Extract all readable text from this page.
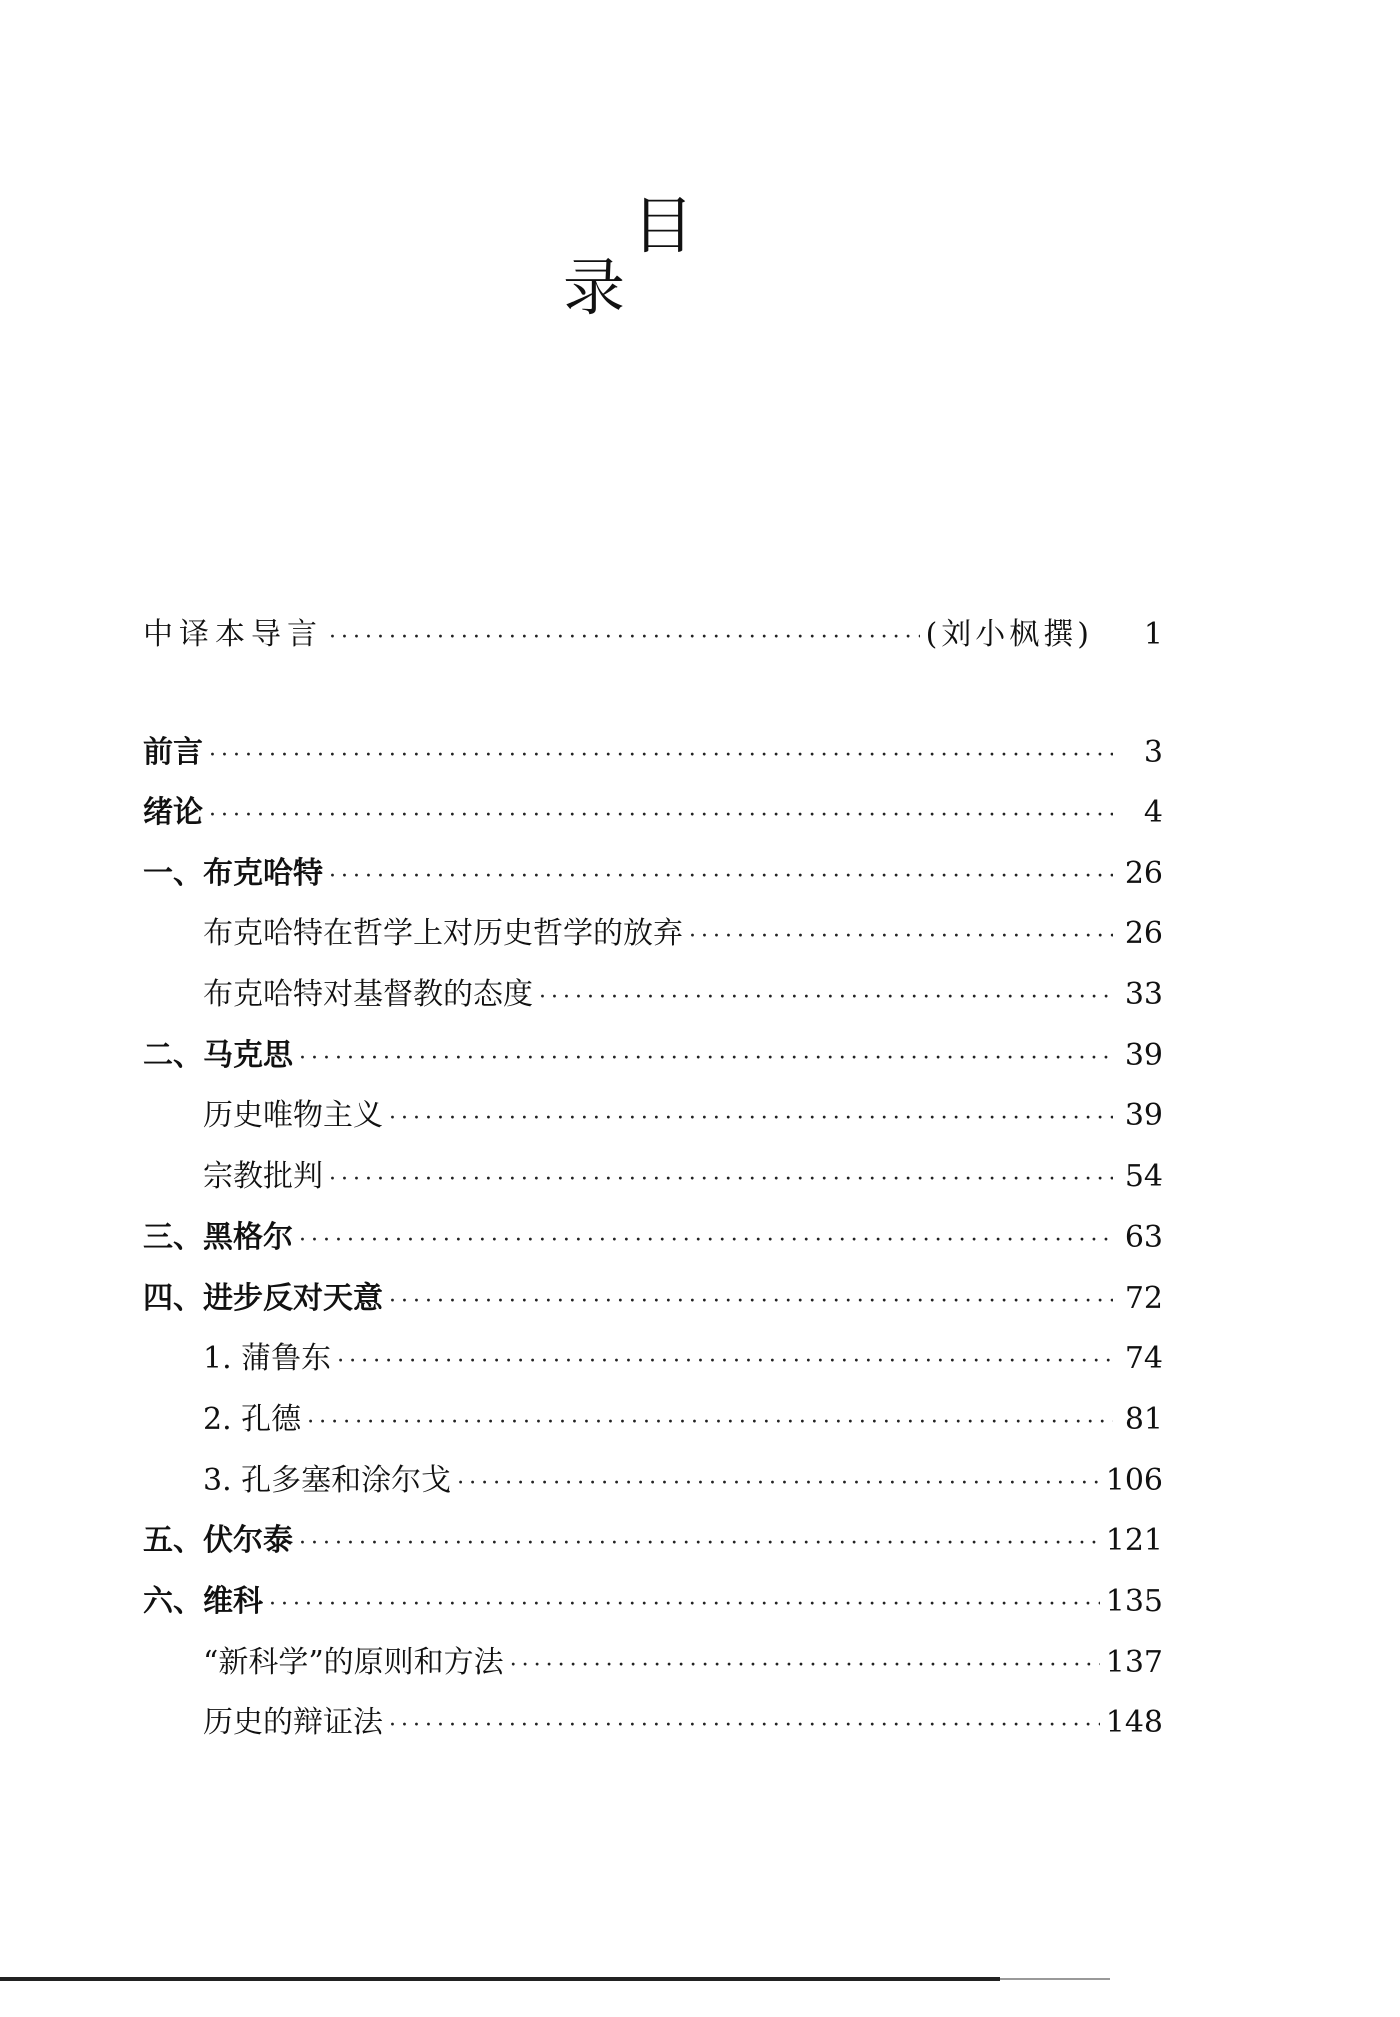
目　录
中译本导言 ·····	(刘小枫撰)	1
前言 ·····	3
绪论 ·····	4
一、布克哈特 ·····	26
布克哈特在哲学上对历史哲学的放弃 ·····	26
布克哈特对基督教的态度 ·····	33
二、马克思 ·····	39
历史唯物主义 ·····	39
宗教批判 ·····	54
三、黑格尔 ·····	63
四、进步反对天意 ·····	72
1. 蒲鲁东 ·····	74
2. 孔德 ·····	81
3. 孔多塞和涂尔戈 ·····	106
五、伏尔泰 ·····	121
六、维科 ·····	135
“新科学”的原则和方法 ·····	137
历史的辩证法 ·····	148
